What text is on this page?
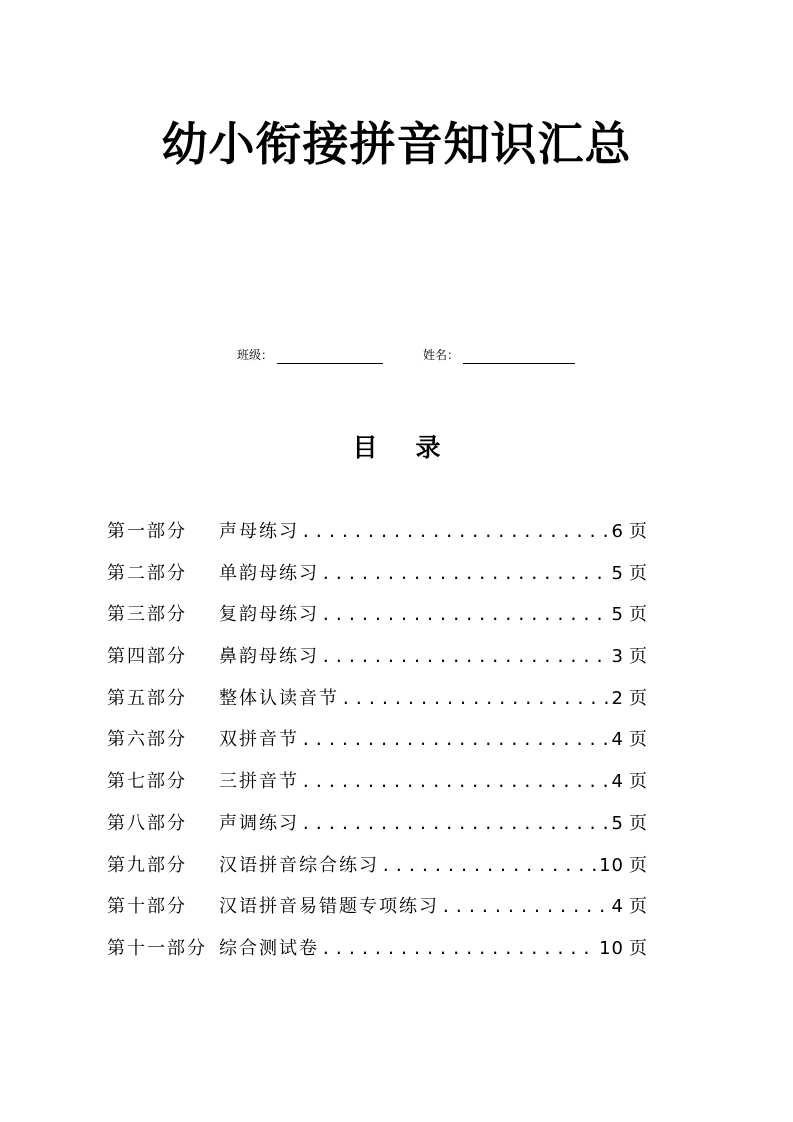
幼小衔接拼音知识汇总
班级：	姓名：
目录
第一部分	声母练习 .....	6 页
第二部分	单韵母练习 .....	5 页
第三部分	复韵母练习 .....	5 页
第四部分	鼻韵母练习 .....	3 页
第五部分	整体认读音节 .....	2 页
第六部分	双拼音节 .....	4 页
第七部分	三拼音节 .....	4 页
第八部分	声调练习 .....	5 页
第九部分	汉语拼音综合练习 .....	10 页
第十部分	汉语拼音易错题专项练习 .....	4 页
第十一部分 综合测试卷 .....	10 页
